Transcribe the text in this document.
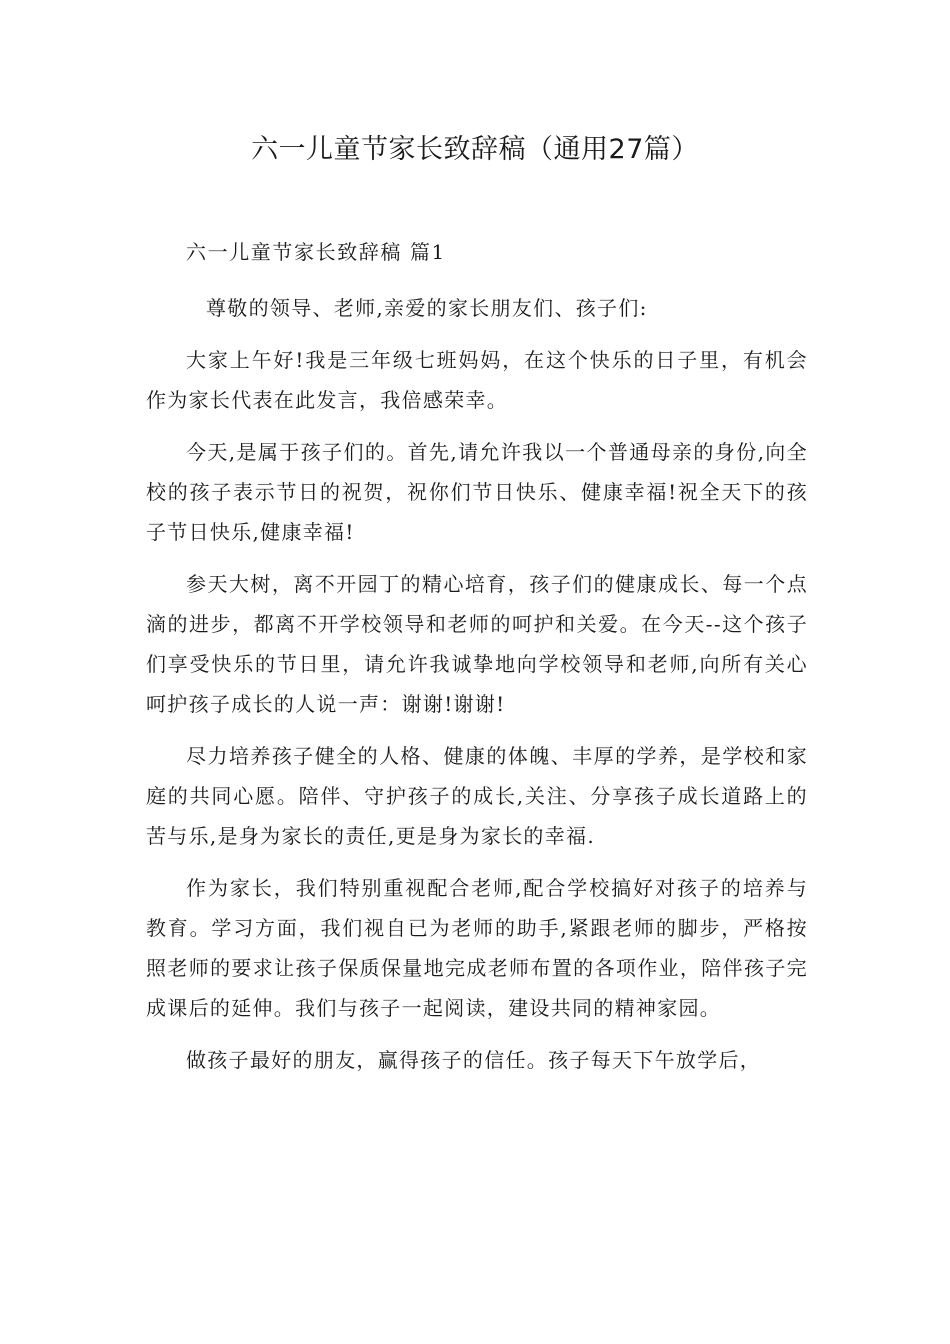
六一儿童节家长致辞稿（通用27篇）

六一儿童节家长致辞稿 篇1

尊敬的领导、老师,亲爱的家长朋友们、孩子们:

大家上午好!我是三年级七班妈妈，在这个快乐的日子里，有机会作为家长代表在此发言，我倍感荣幸。

今天,是属于孩子们的。首先,请允许我以一个普通母亲的身份,向全校的孩子表示节日的祝贺，祝你们节日快乐、健康幸福!祝全天下的孩子节日快乐,健康幸福!

参天大树，离不开园丁的精心培育，孩子们的健康成长、每一个点滴的进步，都离不开学校领导和老师的呵护和关爱。在今天--这个孩子们享受快乐的节日里，请允许我诚挚地向学校领导和老师,向所有关心呵护孩子成长的人说一声：谢谢!谢谢!

尽力培养孩子健全的人格、健康的体魄、丰厚的学养，是学校和家庭的共同心愿。陪伴、守护孩子的成长,关注、分享孩子成长道路上的苦与乐,是身为家长的责任,更是身为家长的幸福.

作为家长，我们特别重视配合老师,配合学校搞好对孩子的培养与教育。学习方面，我们视自已为老师的助手,紧跟老师的脚步，严格按照老师的要求让孩子保质保量地完成老师布置的各项作业，陪伴孩子完成课后的延伸。我们与孩子一起阅读，建设共同的精神家园。

做孩子最好的朋友，赢得孩子的信任。孩子每天下午放学后，
